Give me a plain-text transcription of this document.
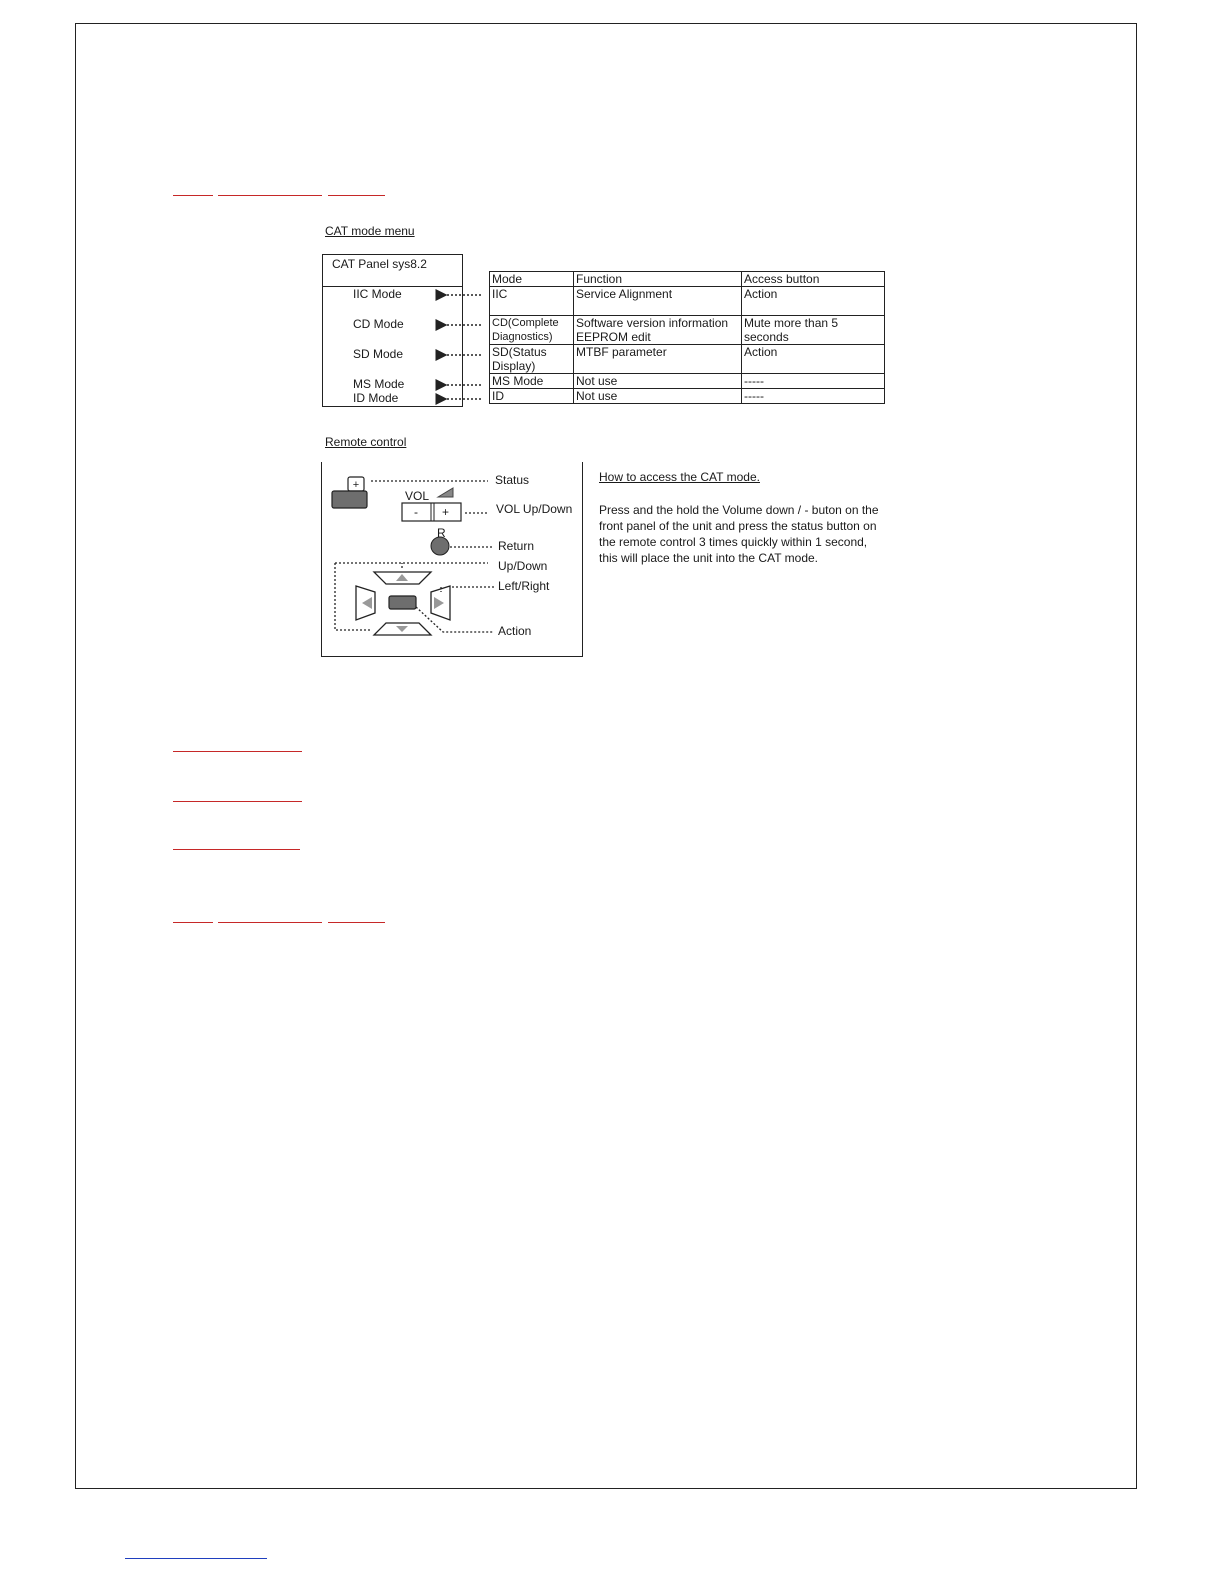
CAT mode menu
CAT Panel sys8.2
IIC Mode
CD Mode
SD Mode
MS Mode
ID Mode
+
Mode	Function	Access button
IIC	Service Alignment	Action
CD(Complete Diagnostics)	Software version information EEPROM edit	Mute more than 5 seconds
SD(Status Display)	MTBF parameter	Action
MS Mode	Not use	-----
ID	Not use	-----
Remote control
VOL
- +
R
Status
VOL Up/Down
Return
Up/Down
Left/Right
Action
How to access the CAT mode.
Press and the hold the Volume down / - buton on the
front panel of the unit and press the status button on
the remote control 3 times quickly within 1 second,
this will place the unit into the CAT mode.
